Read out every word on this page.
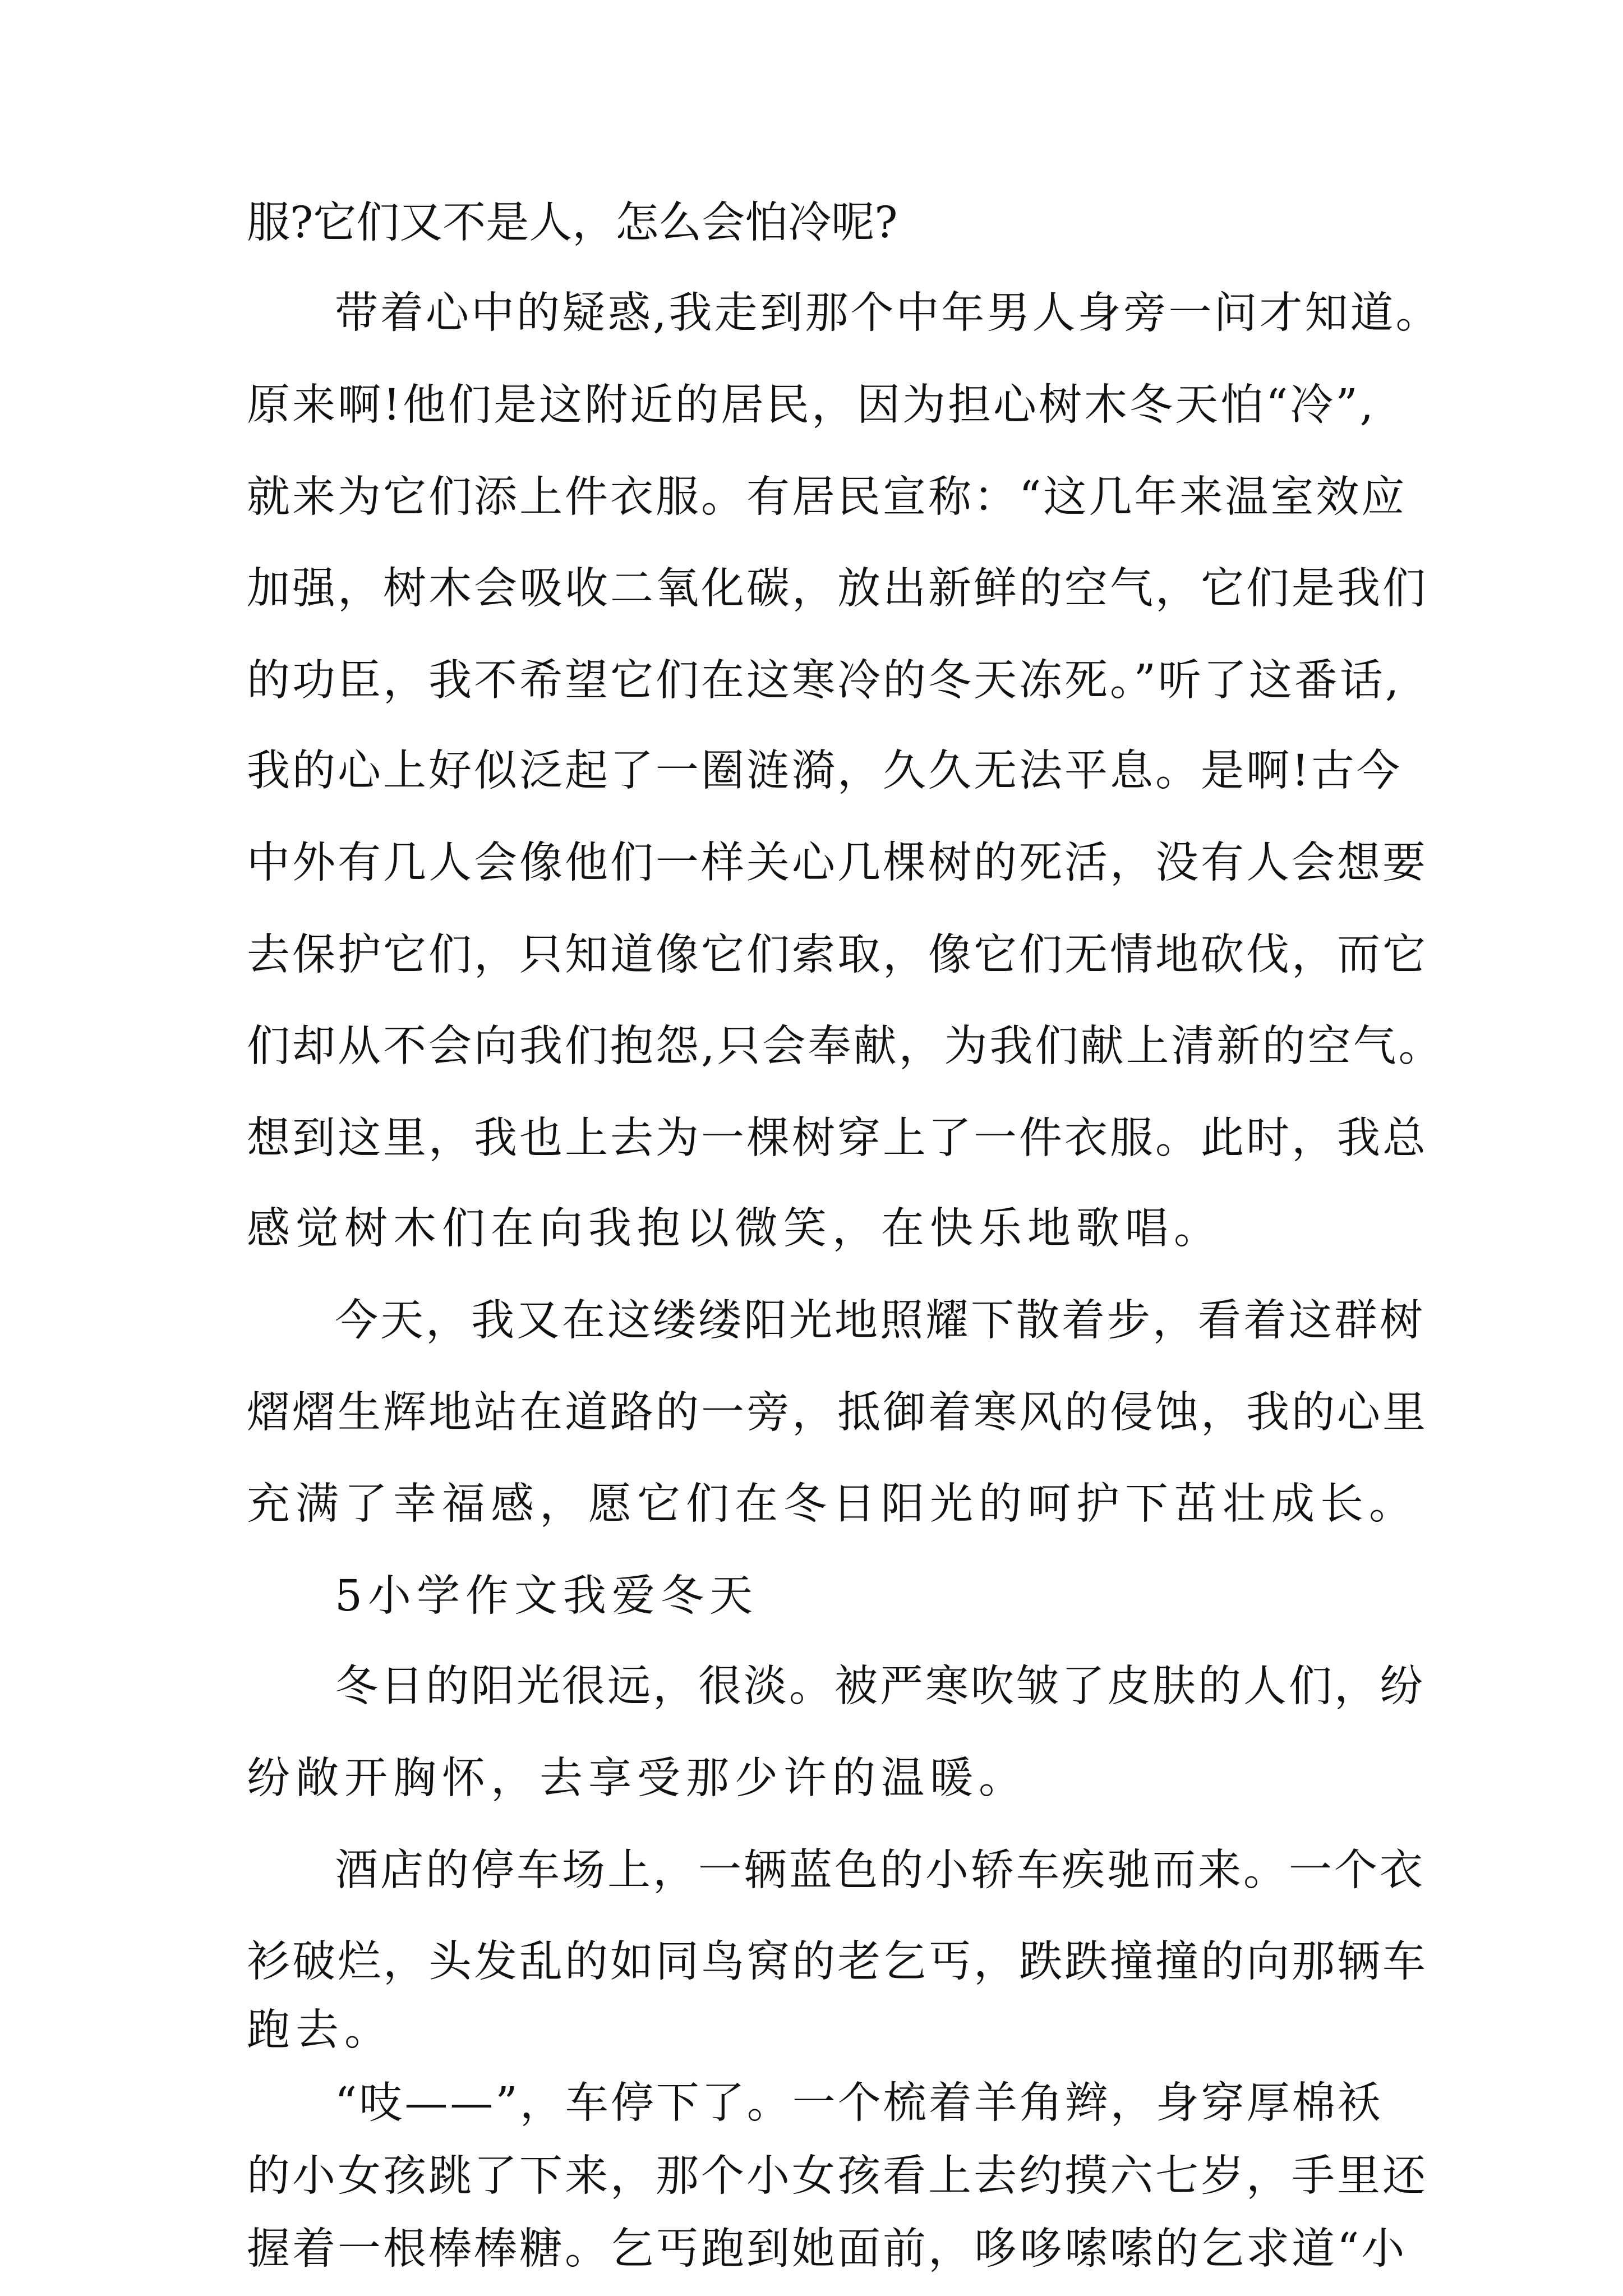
服?它们又不是人，怎么会怕冷呢?
带着心中的疑惑,我走到那个中年男人身旁一问才知道。
原来啊!他们是这附近的居民，因为担心树木冬天怕“冷”,
就来为它们添上件衣服。有居民宣称：“这几年来温室效应
加强，树木会吸收二氧化碳，放出新鲜的空气，它们是我们
的功臣，我不希望它们在这寒冷的冬天冻死。”听了这番话,
我的心上好似泛起了一圈涟漪，久久无法平息。是啊!古今
中外有几人会像他们一样关心几棵树的死活，没有人会想要
去保护它们，只知道像它们索取，像它们无情地砍伐，而它
们却从不会向我们抱怨,只会奉献，为我们献上清新的空气。
想到这里，我也上去为一棵树穿上了一件衣服。此时，我总
感觉树木们在向我抱以微笑，在快乐地歌唱。
今天，我又在这缕缕阳光地照耀下散着步，看着这群树
熠熠生辉地站在道路的一旁，抵御着寒风的侵蚀，我的心里
充满了幸福感，愿它们在冬日阳光的呵护下茁壮成长。
5小学作文我爱冬天
冬日的阳光很远，很淡。被严寒吹皱了皮肤的人们，纷
纷敞开胸怀，去享受那少许的温暖。
酒店的停车场上，一辆蓝色的小轿车疾驰而来。一个衣
衫破烂，头发乱的如同鸟窝的老乞丐，跌跌撞撞的向那辆车
跑去。
“吱——”，车停下了。一个梳着羊角辫，身穿厚棉袄
的小女孩跳了下来，那个小女孩看上去约摸六七岁，手里还
握着一根棒棒糖。乞丐跑到她面前，哆哆嗦嗦的乞求道“小
